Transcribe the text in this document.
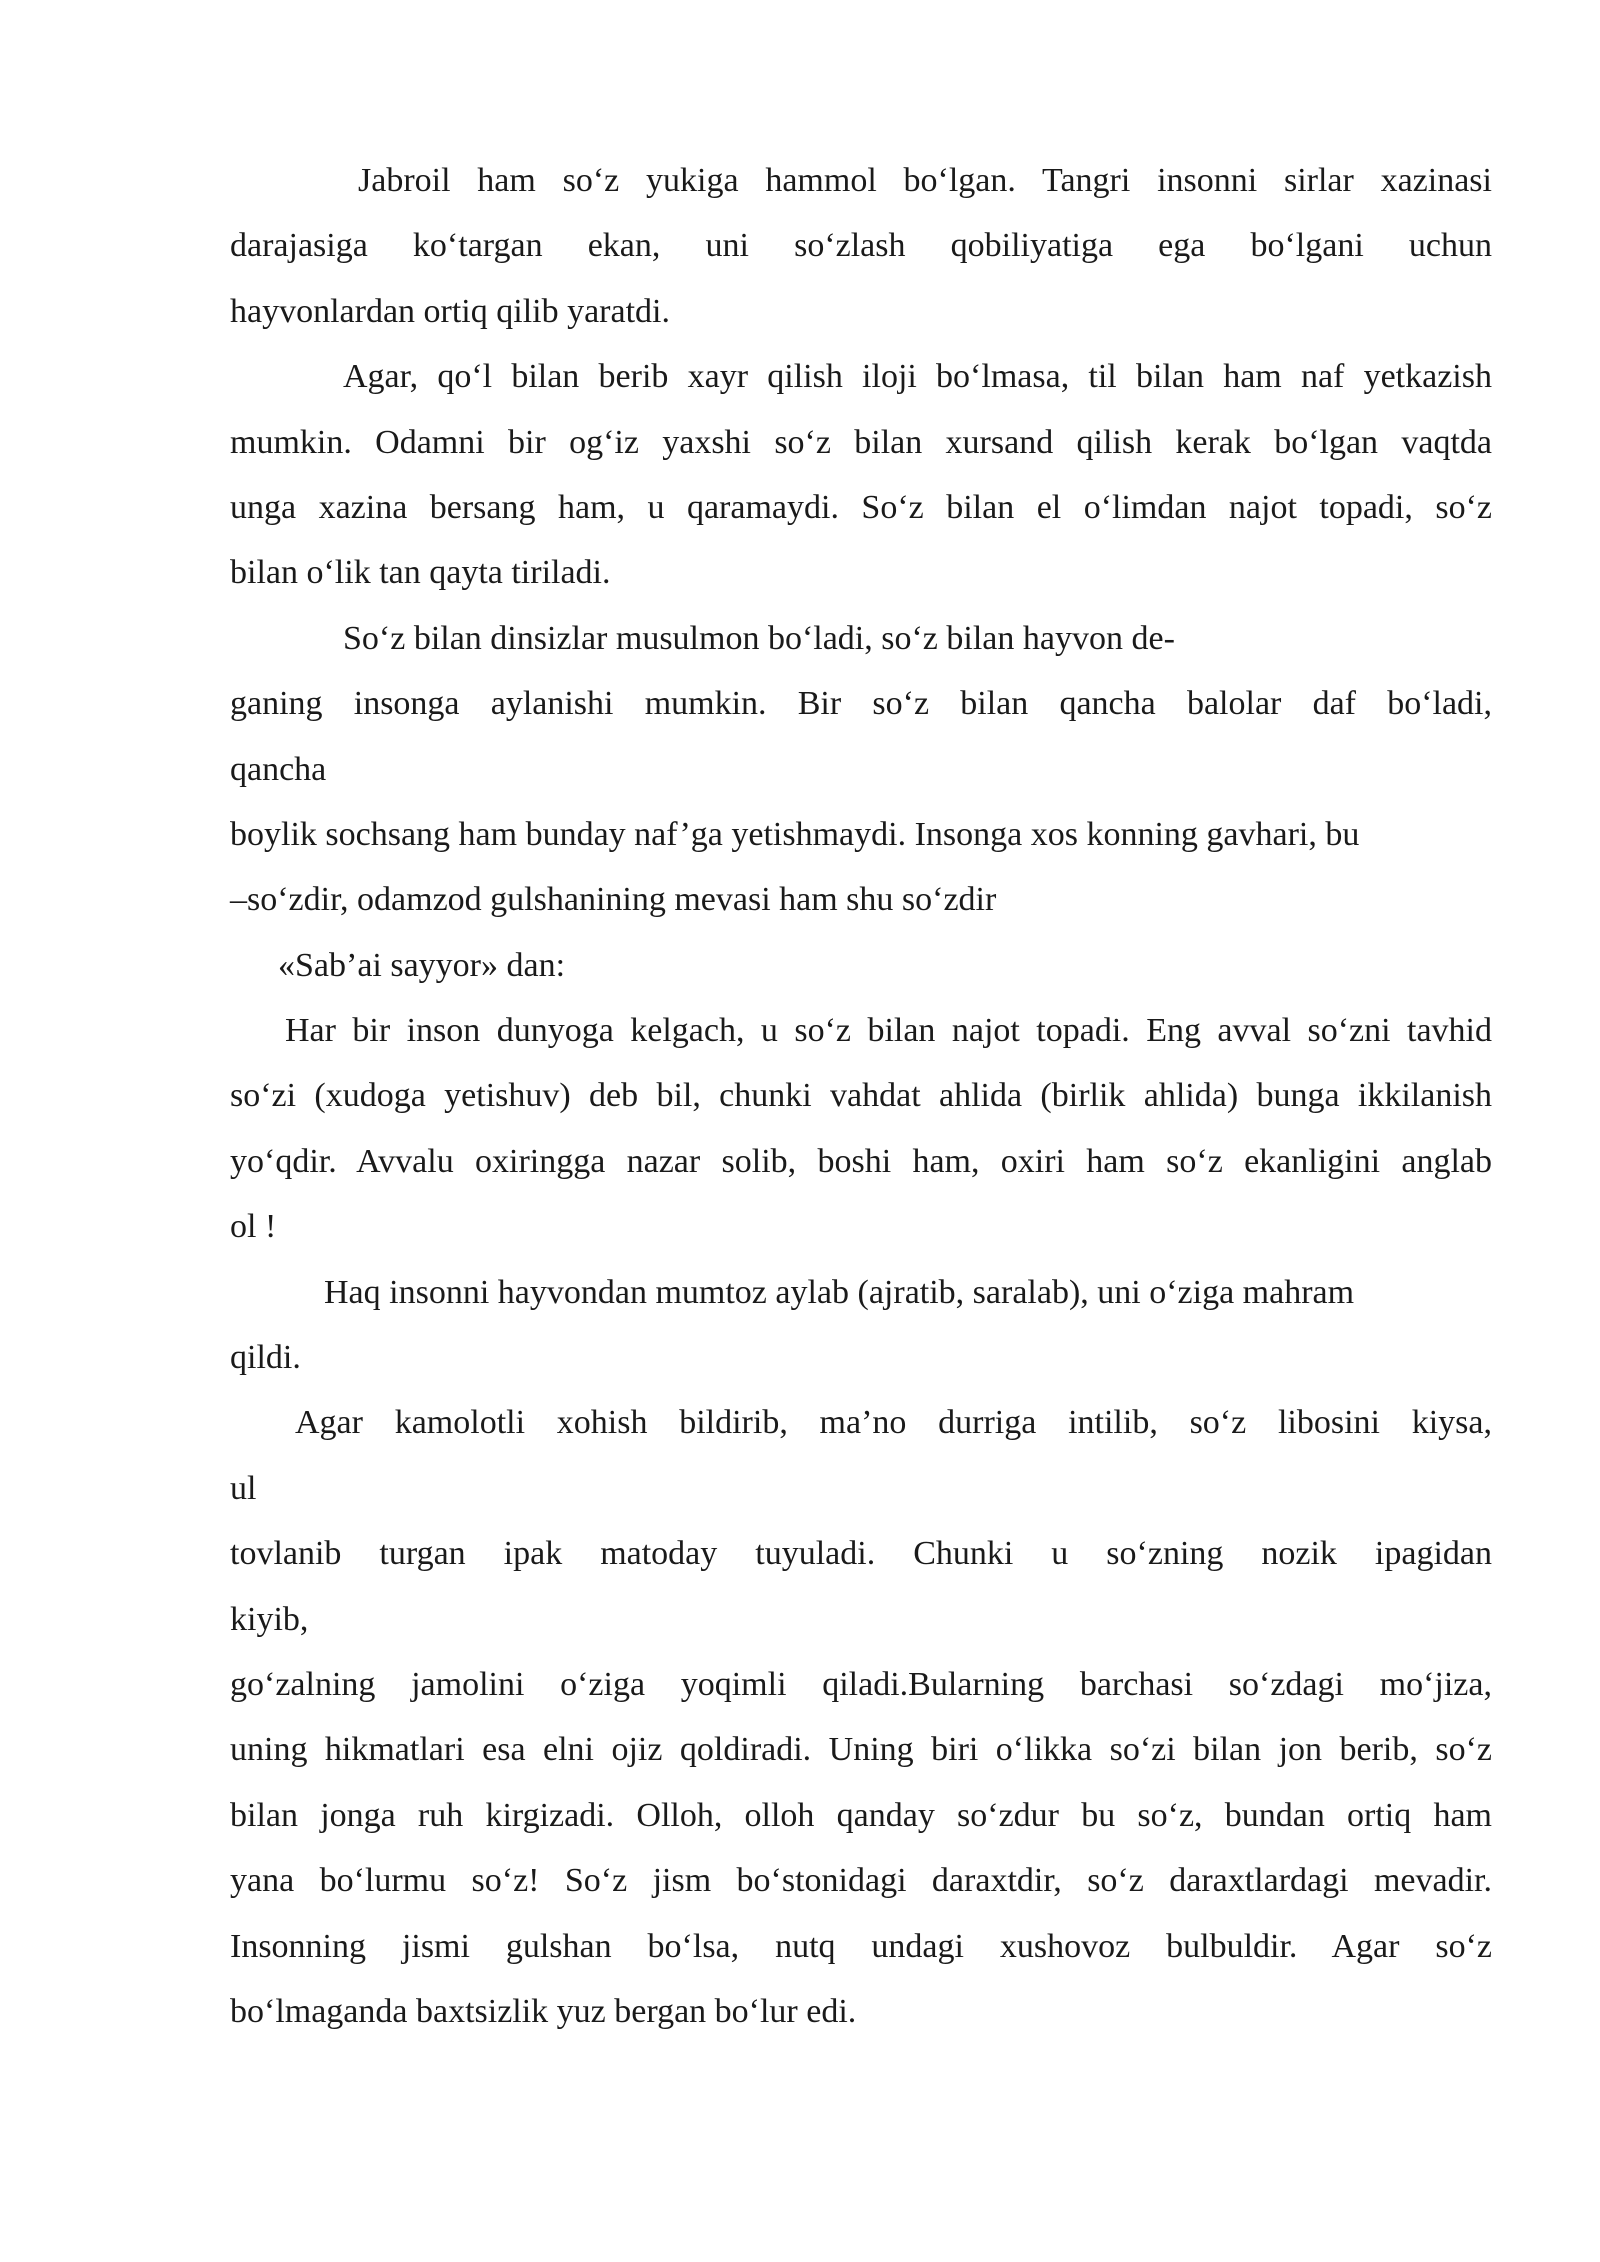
Jabroil ham so‘z yukiga hammol bo‘lgan. Tangri insonni sirlar xazinasi
darajasiga ko‘targan ekan, uni so‘zlash qobiliyatiga ega bo‘lgani uchun
hayvonlardan ortiq qilib yaratdi.
Agar, qo‘l bilan berib xayr qilish iloji bo‘lmasa, til bilan ham naf yetkazish
mumkin. Odamni bir og‘iz yaxshi so‘z bilan xursand qilish kerak bo‘lgan vaqtda
unga xazina bersang ham, u qaramaydi. So‘z bilan el o‘limdan najot topadi, so‘z
bilan o‘lik tan qayta tiriladi.
So‘z bilan dinsizlar musulmon bo‘ladi, so‘z bilan hayvon de-
ganing insonga aylanishi mumkin. Bir so‘z bilan qancha balolar daf bo‘ladi,
qancha
boylik sochsang ham bunday naf’ga yetishmaydi. Insonga xos konning gavhari, bu
–so‘zdir, odamzod gulshanining mevasi ham shu so‘zdir
«Sab’ai sayyor» dan:
Har bir inson dunyoga kelgach, u so‘z bilan najot topadi. Eng avval so‘zni tavhid
so‘zi (xudoga yetishuv) deb bil, chunki vahdat ahlida (birlik ahlida) bunga ikkilanish
yo‘qdir. Avvalu oxiringga nazar solib, boshi ham, oxiri ham so‘z ekanligini anglab
ol !
Haq insonni hayvondan mumtoz aylab (ajratib, saralab), uni o‘ziga mahram
qildi.
Agar kamolotli xohish bildirib, ma’no durriga intilib, so‘z libosini kiysa,
ul
tovlanib turgan ipak matoday tuyuladi. Chunki u so‘zning nozik ipagidan
kiyib,
go‘zalning jamolini o‘ziga yoqimli qiladi.Bularning barchasi so‘zdagi mo‘jiza,
uning hikmatlari esa elni ojiz qoldiradi. Uning biri o‘likka so‘zi bilan jon berib, so‘z
bilan jonga ruh kirgizadi. Olloh, olloh qanday so‘zdur bu so‘z, bundan ortiq ham
yana bo‘lurmu so‘z! So‘z jism bo‘stonidagi daraxtdir, so‘z daraxtlardagi mevadir.
Insonning jismi gulshan bo‘lsa, nutq undagi xushovoz bulbuldir. Agar so‘z
bo‘lmaganda baxtsizlik yuz bergan bo‘lur edi.
